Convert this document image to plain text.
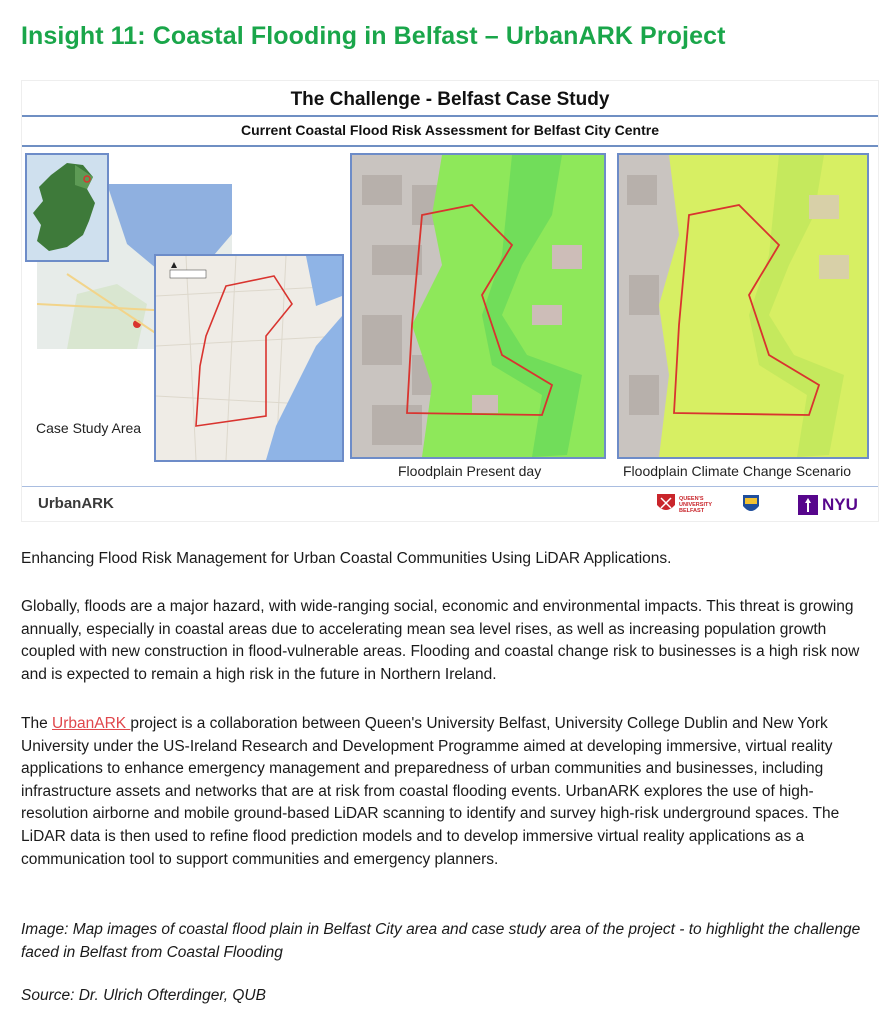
Insight 11: Coastal Flooding in Belfast – UrbanARK Project
The Challenge - Belfast Case Study
Current Coastal Flood Risk Assessment for Belfast City Centre
Case Study Area
Floodplain Present day	Floodplain Climate Change Scenario
UrbanARK	QUEEN'S UNIVERSITY BELFAST	NYU
Enhancing Flood Risk Management for Urban Coastal Communities Using LiDAR Applications.
Globally, floods are a major hazard, with wide-ranging social, economic and environmental impacts. This threat is growing annually, especially in coastal areas due to accelerating mean sea level rises, as well as increasing population growth coupled with new construction in flood-vulnerable areas. Flooding and coastal change risk to businesses is a high risk now and is expected to remain a high risk in the future in Northern Ireland.
The UrbanARK project is a collaboration between Queen's University Belfast, University College Dublin and New York University under the US-Ireland Research and Development Programme aimed at developing immersive, virtual reality applications to enhance emergency management and preparedness of urban communities and businesses, including infrastructure assets and networks that are at risk from coastal flooding events. UrbanARK explores the use of high-resolution airborne and mobile ground-based LiDAR scanning to identify and survey high-risk underground spaces. The LiDAR data is then used to refine flood prediction models and to develop immersive virtual reality applications as a communication tool to support communities and emergency planners.
Image: Map images of coastal flood plain in Belfast City area and case study area of the project - to highlight the challenge faced in Belfast from Coastal Flooding
Source: Dr. Ulrich Ofterdinger, QUB
